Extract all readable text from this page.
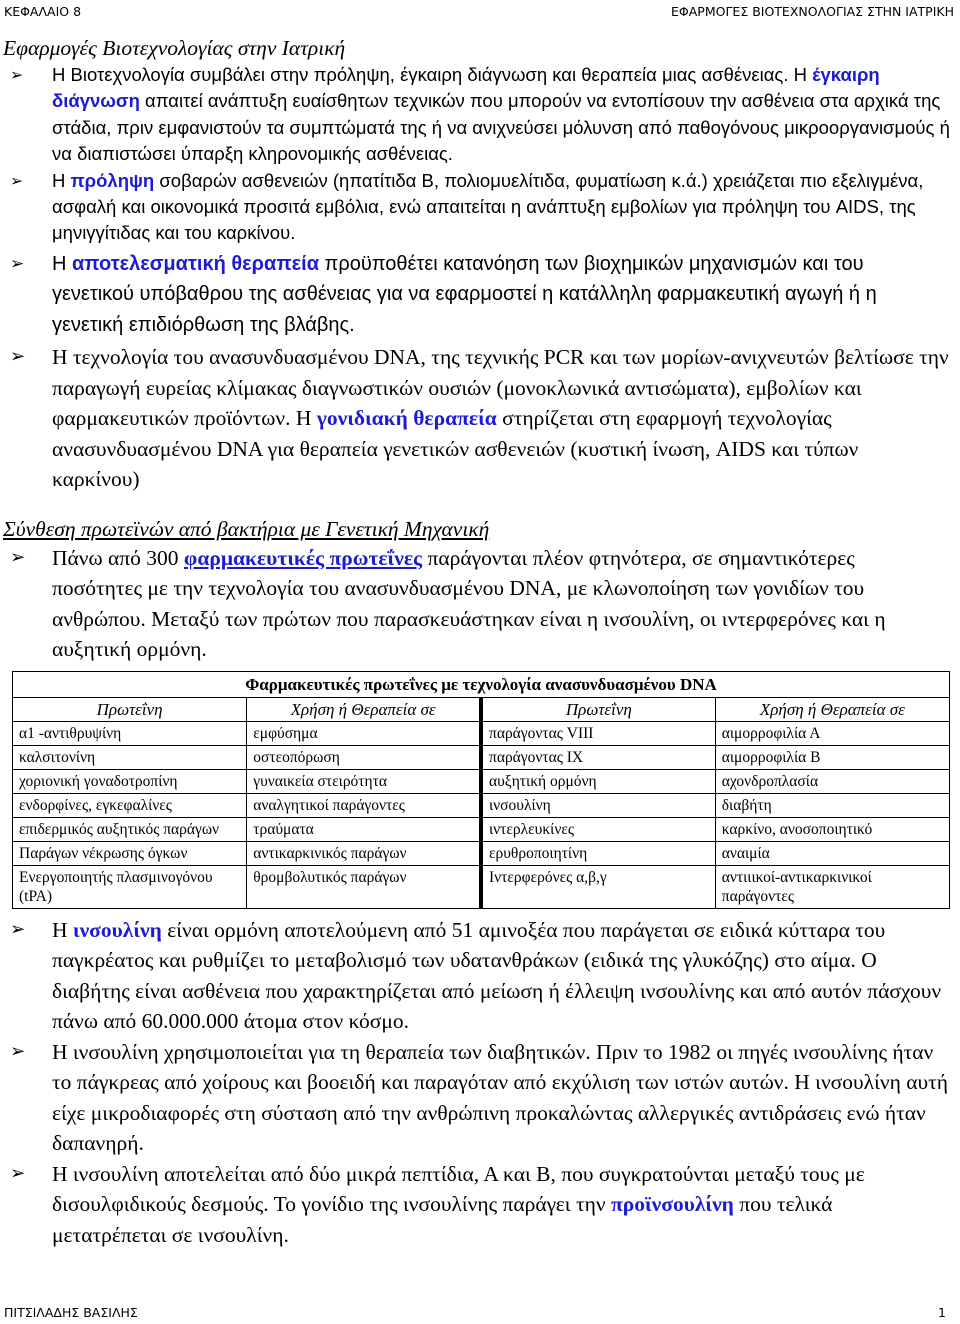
ΚΕΦΑΛΑΙΟ 8	ΕΦΑΡΜΟΓΕΣ ΒΙΟΤΕΧΝΟΛΟΓΙΑΣ ΣΤΗΝ ΙΑΤΡΙΚΗ
Εφαρμογές Βιοτεχνολογίας στην Ιατρική

➢ Η Βιοτεχνολογία συμβάλει στην πρόληψη, έγκαιρη διάγνωση και θεραπεία μιας ασθένειας. Η έγκαιρη διάγνωση απαιτεί ανάπτυξη ευαίσθητων τεχνικών που μπορούν να εντοπίσουν την ασθένεια στα αρχικά της στάδια, πριν εμφανιστούν τα συμπτώματά της ή να ανιχνεύσει μόλυνση από παθογόνους μικροοργανισμούς ή να διαπιστώσει ύπαρξη κληρονομικής ασθένειας.

➢ Η πρόληψη σοβαρών ασθενειών (ηπατίτιδα Β, πολιομυελίτιδα, φυματίωση κ.ά.) χρειάζεται πιο εξελιγμένα, ασφαλή και οικονομικά προσιτά εμβόλια, ενώ απαιτείται η ανάπτυξη εμβολίων για πρόληψη του AIDS, της μηνιγγίτιδας και του καρκίνου.

➢ Η αποτελεσματική θεραπεία προϋποθέτει κατανόηση των βιοχημικών μηχανισμών και του γενετικού υπόβαθρου της ασθένειας για να εφαρμοστεί η κατάλληλη φαρμακευτική αγωγή ή η γενετική επιδιόρθωση της βλάβης.

➢ Η τεχνολογία του ανασυνδυασμένου DNA, της τεχνικής PCR και των μορίων-ανιχνευτών βελτίωσε την παραγωγή ευρείας κλίμακας διαγνωστικών ουσιών (μονοκλωνικά αντισώματα), εμβολίων και φαρμακευτικών προϊόντων. Η γονιδιακή θεραπεία στηρίζεται στη εφαρμογή τεχνολογίας ανασυνδυασμένου DNA για θεραπεία γενετικών ασθενειών (κυστική ίνωση, AIDS και τύπων καρκίνου)

Σύνθεση πρωτεϊνών από βακτήρια με Γενετική Μηχανική

➢ Πάνω από 300 φαρμακευτικές πρωτεΐνες παράγονται πλέον φτηνότερα, σε σημαντικότερες ποσότητες με την τεχνολογία του ανασυνδυασμένου DNA, με κλωνοποίηση των γονιδίων του ανθρώπου. Μεταξύ των πρώτων που παρασκευάστηκαν είναι η ινσουλίνη, οι ιντερφερόνες και η αυξητική ορμόνη.

Φαρμακευτικές πρωτεΐνες με τεχνολογία ανασυνδυασμένου DNA			
Πρωτεΐνη	Χρήση ή Θεραπεία σε	Πρωτεΐνη	Χρήση ή Θεραπεία σε
α1 -αντιθρυψίνη	εμφύσημα	παράγοντας VIII	αιμορροφιλία Α
καλσιτονίνη	οστεοπόρωση	παράγοντας IX	αιμορροφιλία Β
χοριονική γοναδοτροπίνη	γυναικεία στειρότητα	αυξητική ορμόνη	αχονδροπλασία
ενδορφίνες, εγκεφαλίνες	αναλγητικοί παράγοντες	ινσουλίνη	διαβήτη
επιδερμικός αυξητικός παράγων	τραύματα	ιντερλευκίνες	καρκίνο, ανοσοποιητικό
Παράγων νέκρωσης όγκων	αντικαρκινικός παράγων	ερυθροποιητίνη	αναιμία
Ενεργοποιητής πλασμινογόνου (tPA)	θρομβολυτικός παράγων	Ιντερφερόνες α,β,γ	αντιιικοί-αντικαρκινικοί παράγοντες

➢ Η ινσουλίνη είναι ορμόνη αποτελούμενη από 51 αμινοξέα που παράγεται σε ειδικά κύτταρα του παγκρέατος και ρυθμίζει το μεταβολισμό των υδατανθράκων (ειδικά της γλυκόζης) στο αίμα. Ο διαβήτης είναι ασθένεια που χαρακτηρίζεται από μείωση ή έλλειψη ινσουλίνης και από αυτόν πάσχουν πάνω από 60.000.000 άτομα στον κόσμο.

➢ Η ινσουλίνη χρησιμοποιείται για τη θεραπεία των διαβητικών. Πριν το 1982 οι πηγές ινσουλίνης ήταν το πάγκρεας από χοίρους και βοοειδή και παραγόταν από εκχύλιση των ιστών αυτών. Η ινσουλίνη αυτή είχε μικροδιαφορές στη σύσταση από την ανθρώπινη προκαλώντας αλλεργικές αντιδράσεις ενώ ήταν δαπανηρή.

➢ Η ινσουλίνη αποτελείται από δύο μικρά πεπτίδια, Α και Β, που συγκρατούνται μεταξύ τους με δισουλφιδικούς δεσμούς. Το γονίδιο της ινσουλίνης παράγει την προϊνσουλίνη που τελικά μετατρέπεται σε ινσουλίνη.

ΠΙΤΣΙΛΑΔΗΣ ΒΑΣΙΛΗΣ	1
